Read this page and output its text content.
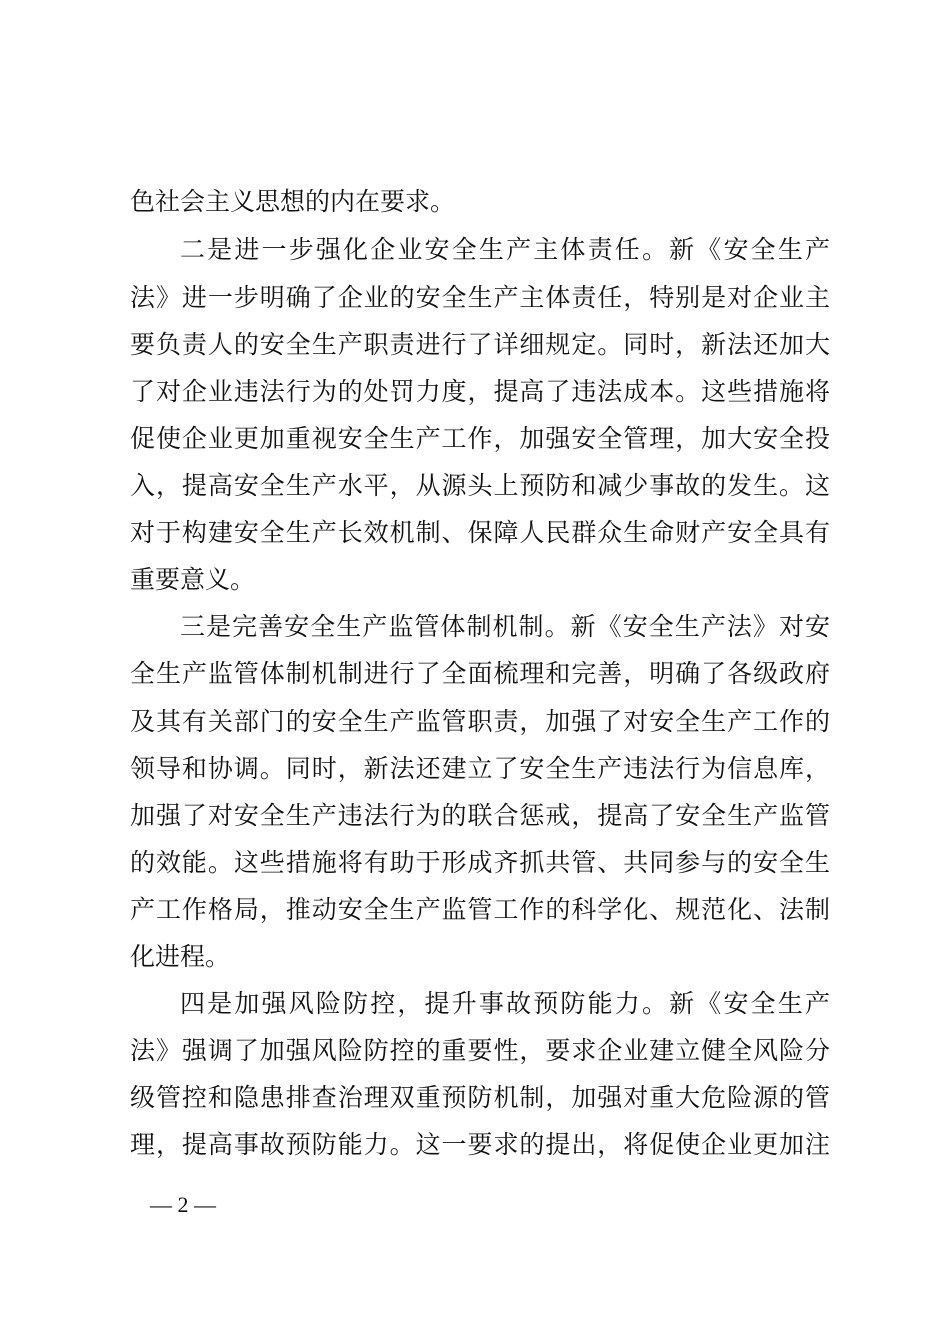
色社会主义思想的内在要求。
二是进一步强化企业安全生产主体责任。新《安全生产
法》进一步明确了企业的安全生产主体责任，特别是对企业主
要负责人的安全生产职责进行了详细规定。同时，新法还加大
了对企业违法行为的处罚力度，提高了违法成本。这些措施将
促使企业更加重视安全生产工作，加强安全管理，加大安全投
入，提高安全生产水平，从源头上预防和减少事故的发生。这
对于构建安全生产长效机制、保障人民群众生命财产安全具有
重要意义。
三是完善安全生产监管体制机制。新《安全生产法》对安
全生产监管体制机制进行了全面梳理和完善，明确了各级政府
及其有关部门的安全生产监管职责，加强了对安全生产工作的
领导和协调。同时，新法还建立了安全生产违法行为信息库，
加强了对安全生产违法行为的联合惩戒，提高了安全生产监管
的效能。这些措施将有助于形成齐抓共管、共同参与的安全生
产工作格局，推动安全生产监管工作的科学化、规范化、法制
化进程。
四是加强风险防控，提升事故预防能力。新《安全生产
法》强调了加强风险防控的重要性，要求企业建立健全风险分
级管控和隐患排查治理双重预防机制，加强对重大危险源的管
理，提高事故预防能力。这一要求的提出，将促使企业更加注
— 2 —
